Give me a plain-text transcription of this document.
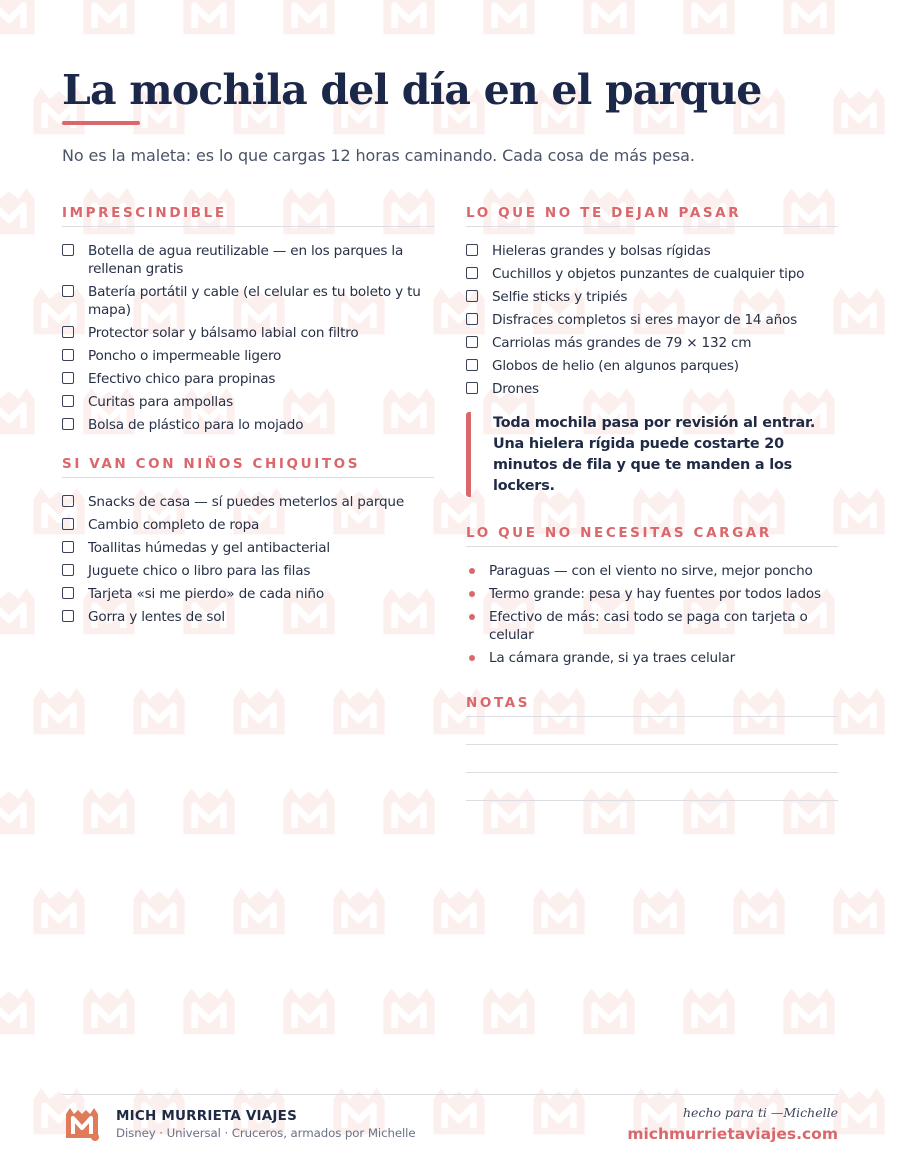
La mochila del día en el parque

No es la maleta: es lo que cargas 12 horas caminando. Cada cosa de más pesa.

IMPRESCINDIBLE
Botella de agua reutilizable — en los parques la rellenan gratis
Batería portátil y cable (el celular es tu boleto y tu mapa)
Protector solar y bálsamo labial con filtro
Poncho o impermeable ligero
Efectivo chico para propinas
Curitas para ampollas
Bolsa de plástico para lo mojado
SI VAN CON NIÑOS CHIQUITOS
Snacks de casa — sí puedes meterlos al parque
Cambio completo de ropa
Toallitas húmedas y gel antibacterial
Juguete chico o libro para las filas
Tarjeta «si me pierdo» de cada niño
Gorra y lentes de sol
LO QUE NO TE DEJAN PASAR
Hieleras grandes y bolsas rígidas
Cuchillos y objetos punzantes de cualquier tipo
Selfie sticks y tripiés
Disfraces completos si eres mayor de 14 años
Carriolas más grandes de 79 × 132 cm
Globos de helio (en algunos parques)
Drones
Toda mochila pasa por revisión al entrar. Una hielera rígida puede costarte 20 minutos de fila y que te manden a los lockers.
LO QUE NO NECESITAS CARGAR
Paraguas — con el viento no sirve, mejor poncho
Termo grande: pesa y hay fuentes por todos lados
Efectivo de más: casi todo se paga con tarjeta o celular
La cámara grande, si ya traes celular
NOTAS
MICH MURRIETA VIAJES
Disney · Universal · Cruceros, armados por Michelle
hecho para ti —Michelle
michmurrietaviajes.com
